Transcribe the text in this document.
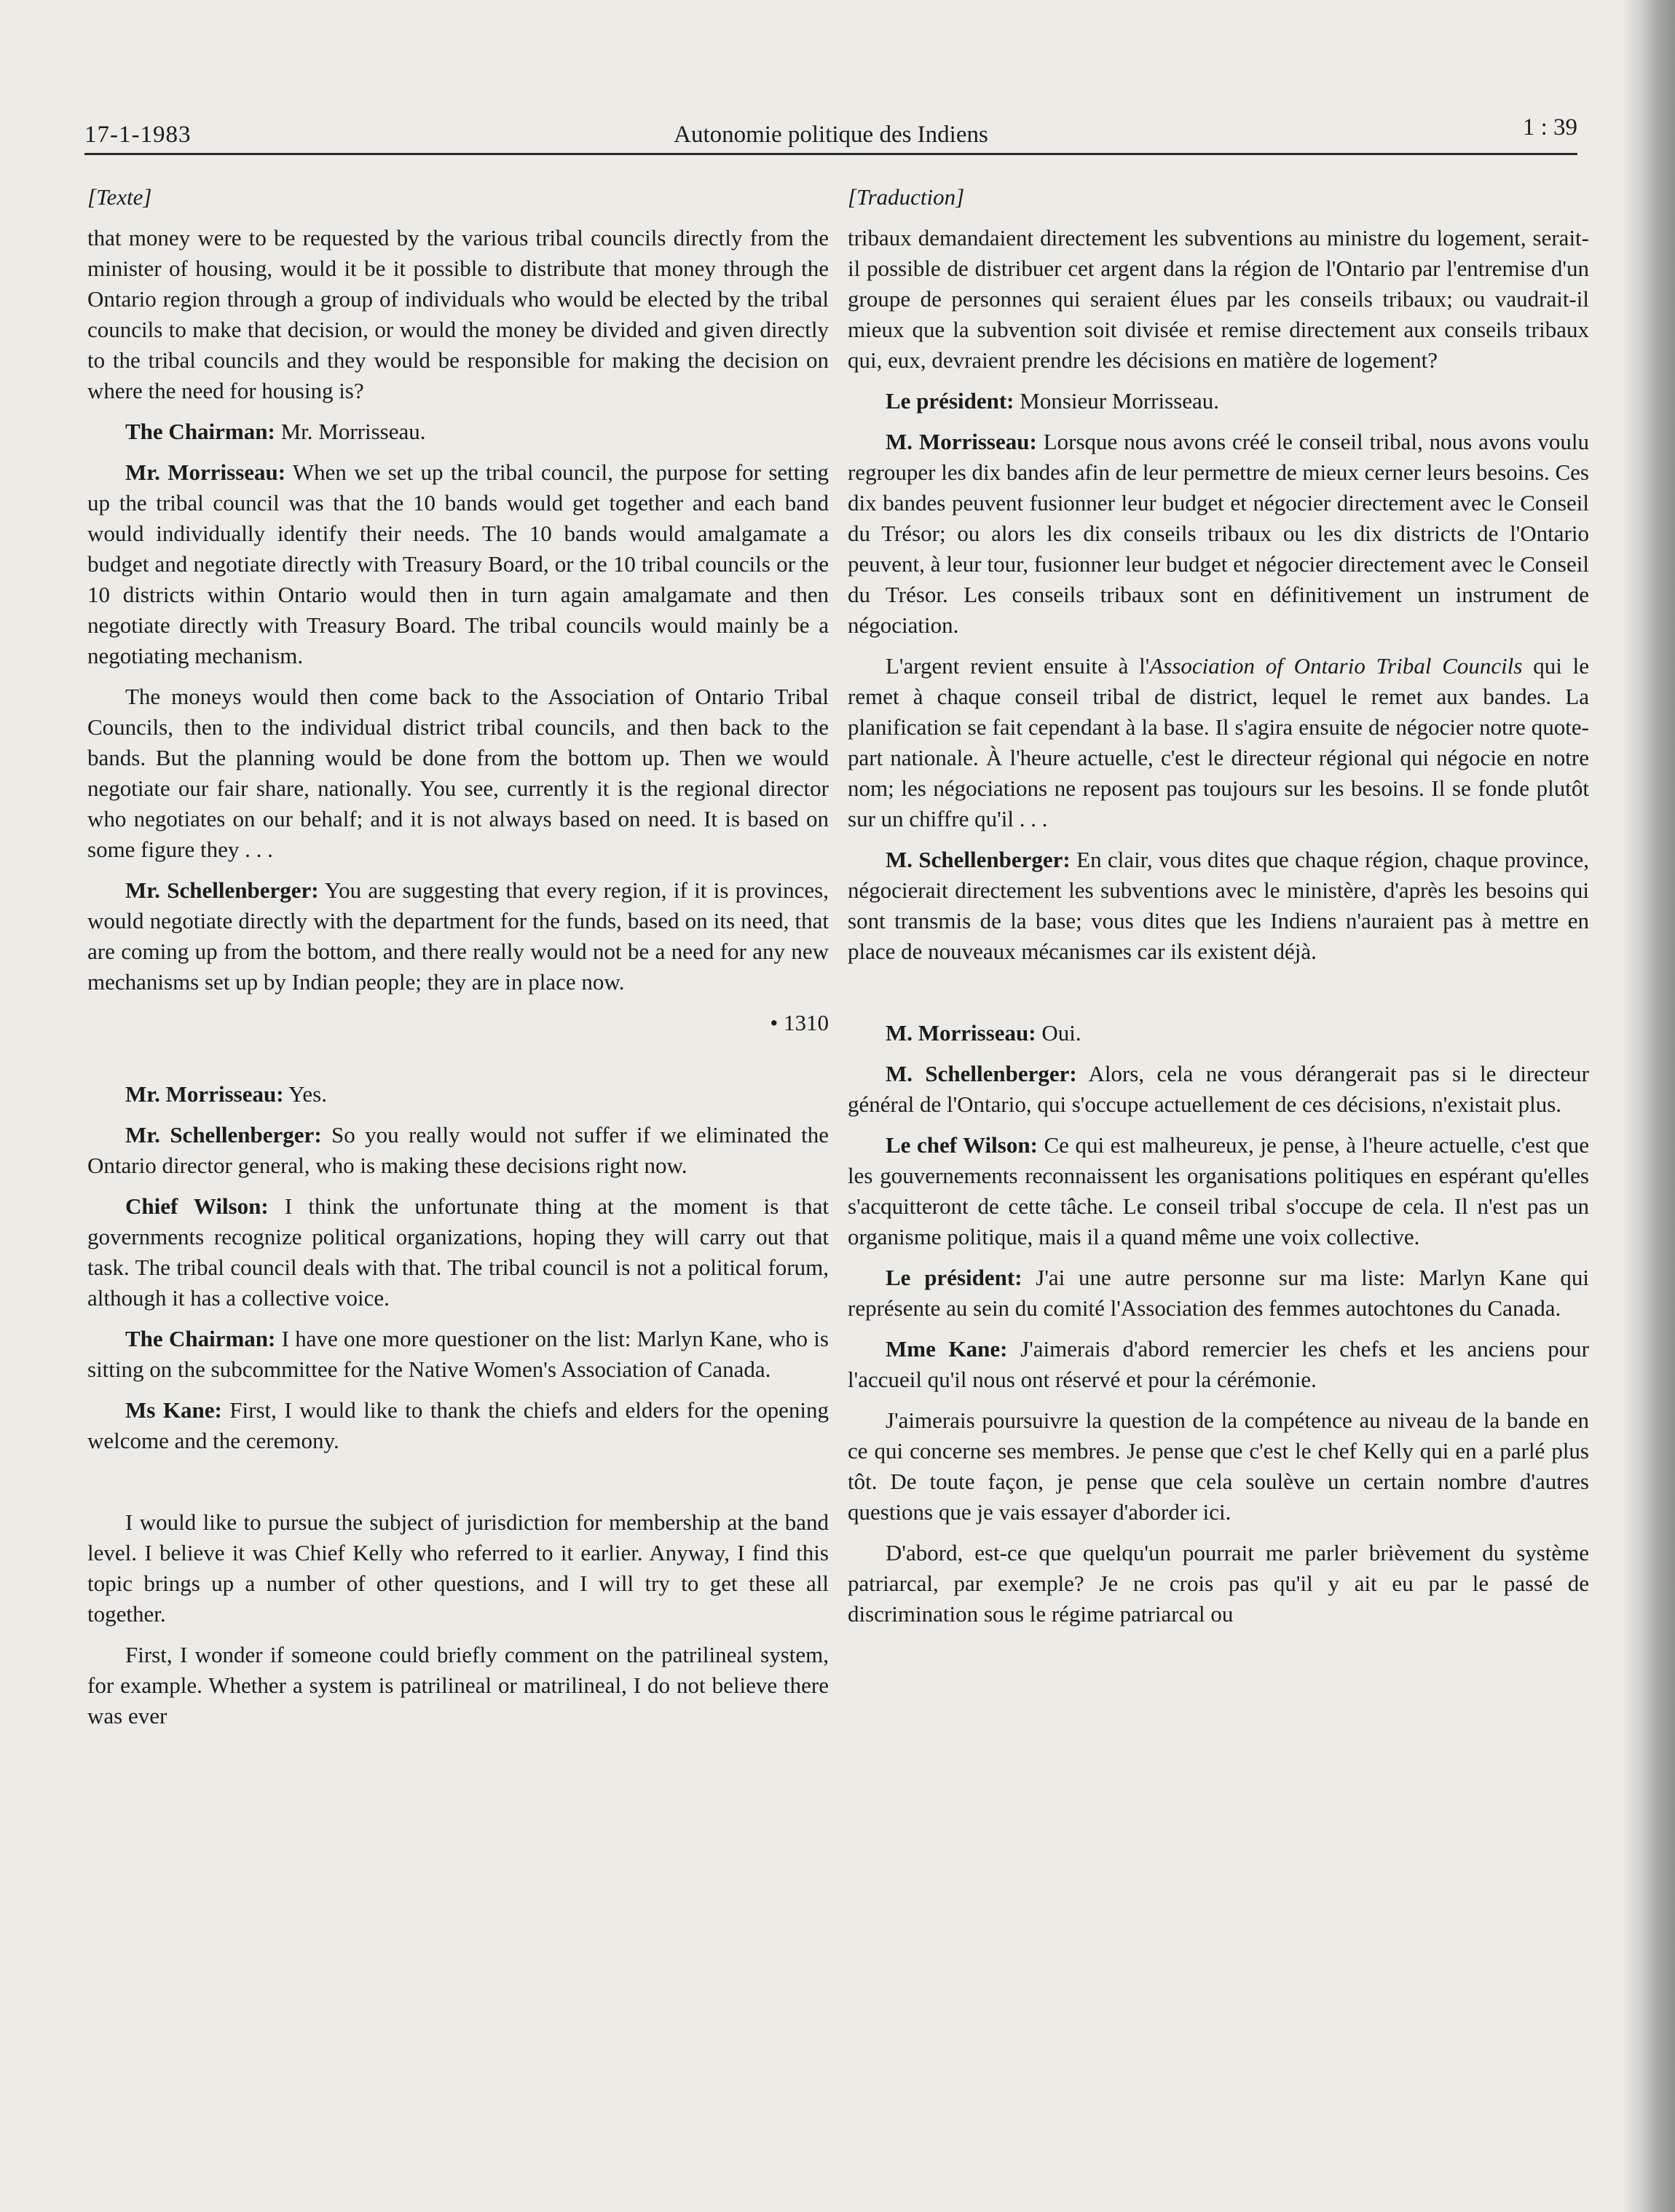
17-1-1983	Autonomie politique des Indiens	1 : 39

[Texte]

that money were to be requested by the various tribal councils directly from the minister of housing, would it be it possible to distribute that money through the Ontario region through a group of individuals who would be elected by the tribal councils to make that decision, or would the money be divided and given directly to the tribal councils and they would be responsible for making the decision on where the need for housing is?

The Chairman: Mr. Morrisseau.

Mr. Morrisseau: When we set up the tribal council, the purpose for setting up the tribal council was that the 10 bands would get together and each band would individually identify their needs. The 10 bands would amalgamate a budget and negotiate directly with Treasury Board, or the 10 tribal councils or the 10 districts within Ontario would then in turn again amalgamate and then negotiate directly with Treasury Board. The tribal councils would mainly be a negotiating mechanism.

The moneys would then come back to the Association of Ontario Tribal Councils, then to the individual district tribal councils, and then back to the bands. But the planning would be done from the bottom up. Then we would negotiate our fair share, nationally. You see, currently it is the regional director who negotiates on our behalf; and it is not always based on need. It is based on some figure they . . .

Mr. Schellenberger: You are suggesting that every region, if it is provinces, would negotiate directly with the department for the funds, based on its need, that are coming up from the bottom, and there really would not be a need for any new mechanisms set up by Indian people; they are in place now.

• 1310

Mr. Morrisseau: Yes.

Mr. Schellenberger: So you really would not suffer if we eliminated the Ontario director general, who is making these decisions right now.

Chief Wilson: I think the unfortunate thing at the moment is that governments recognize political organizations, hoping they will carry out that task. The tribal council deals with that. The tribal council is not a political forum, although it has a collective voice.

The Chairman: I have one more questioner on the list: Marlyn Kane, who is sitting on the subcommittee for the Native Women's Association of Canada.

Ms Kane: First, I would like to thank the chiefs and elders for the opening welcome and the ceremony.

I would like to pursue the subject of jurisdiction for membership at the band level. I believe it was Chief Kelly who referred to it earlier. Anyway, I find this topic brings up a number of other questions, and I will try to get these all together.

First, I wonder if someone could briefly comment on the patrilineal system, for example. Whether a system is patrilineal or matrilineal, I do not believe there was ever

[Traduction]

tribaux demandaient directement les subventions au ministre du logement, serait-il possible de distribuer cet argent dans la région de l'Ontario par l'entremise d'un groupe de personnes qui seraient élues par les conseils tribaux; ou vaudrait-il mieux que la subvention soit divisée et remise directement aux conseils tribaux qui, eux, devraient prendre les décisions en matière de logement?

Le président: Monsieur Morrisseau.

M. Morrisseau: Lorsque nous avons créé le conseil tribal, nous avons voulu regrouper les dix bandes afin de leur permettre de mieux cerner leurs besoins. Ces dix bandes peuvent fusionner leur budget et négocier directement avec le Conseil du Trésor; ou alors les dix conseils tribaux ou les dix districts de l'Ontario peuvent, à leur tour, fusionner leur budget et négocier directement avec le Conseil du Trésor. Les conseils tribaux sont en définitivement un instrument de négociation.

L'argent revient ensuite à l'Association of Ontario Tribal Councils qui le remet à chaque conseil tribal de district, lequel le remet aux bandes. La planification se fait cependant à la base. Il s'agira ensuite de négocier notre quote-part nationale. À l'heure actuelle, c'est le directeur régional qui négocie en notre nom; les négociations ne reposent pas toujours sur les besoins. Il se fonde plutôt sur un chiffre qu'il . . .

M. Schellenberger: En clair, vous dites que chaque région, chaque province, négocierait directement les subventions avec le ministère, d'après les besoins qui sont transmis de la base; vous dites que les Indiens n'auraient pas à mettre en place de nouveaux mécanismes car ils existent déjà.

M. Morrisseau: Oui.

M. Schellenberger: Alors, cela ne vous dérangerait pas si le directeur général de l'Ontario, qui s'occupe actuellement de ces décisions, n'existait plus.

Le chef Wilson: Ce qui est malheureux, je pense, à l'heure actuelle, c'est que les gouvernements reconnaissent les organisations politiques en espérant qu'elles s'acquitteront de cette tâche. Le conseil tribal s'occupe de cela. Il n'est pas un organisme politique, mais il a quand même une voix collective.

Le président: J'ai une autre personne sur ma liste: Marlyn Kane qui représente au sein du comité l'Association des femmes autochtones du Canada.

Mme Kane: J'aimerais d'abord remercier les chefs et les anciens pour l'accueil qu'il nous ont réservé et pour la cérémonie.

J'aimerais poursuivre la question de la compétence au niveau de la bande en ce qui concerne ses membres. Je pense que c'est le chef Kelly qui en a parlé plus tôt. De toute façon, je pense que cela soulève un certain nombre d'autres questions que je vais essayer d'aborder ici.

D'abord, est-ce que quelqu'un pourrait me parler brièvement du système patriarcal, par exemple? Je ne crois pas qu'il y ait eu par le passé de discrimination sous le régime patriarcal ou
